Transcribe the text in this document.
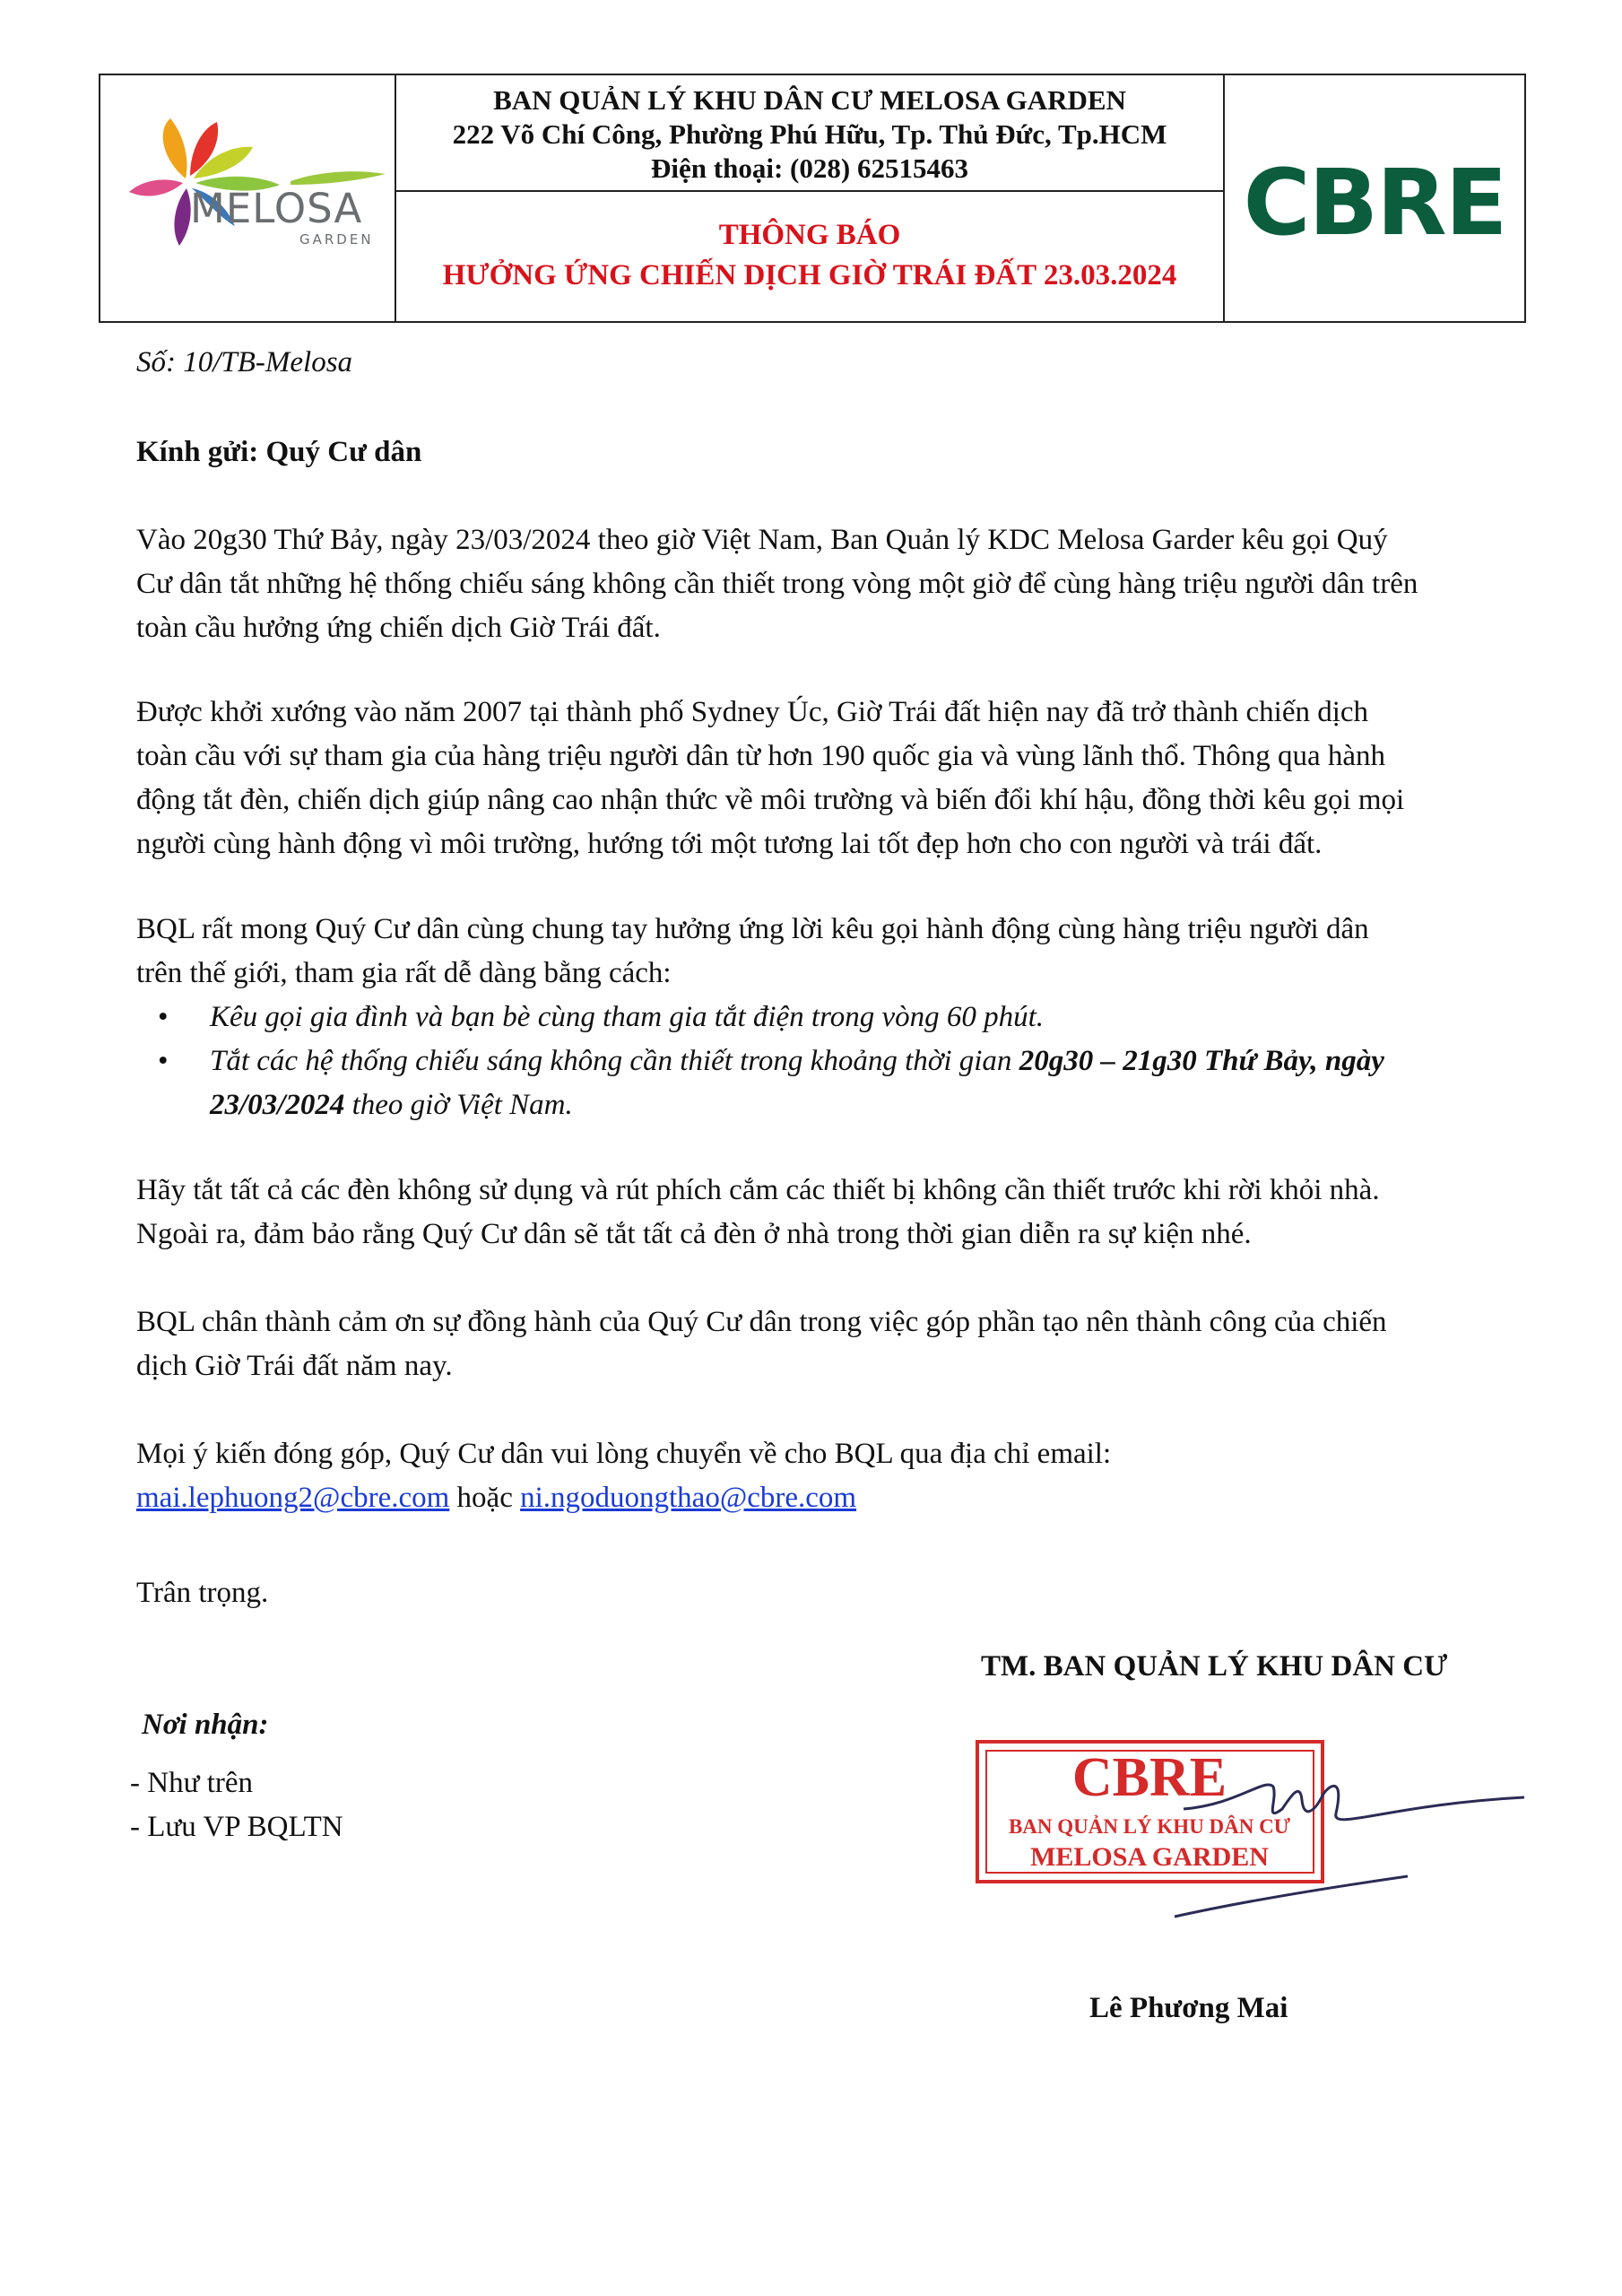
MELOSA
GARDEN
BAN QUẢN LÝ KHU DÂN CƯ MELOSA GARDEN
222 Võ Chí Công, Phường Phú Hữu, Tp. Thủ Đức, Tp.HCM
Điện thoại: (028) 62515463
THÔNG BÁO
HƯỞNG ỨNG CHIẾN DỊCH GIỜ TRÁI ĐẤT 23.03.2024
CBRE
Số: 10/TB-Melosa
Kính gửi: Quý Cư dân

Vào 20g30 Thứ Bảy, ngày 23/03/2024 theo giờ Việt Nam, Ban Quản lý KDC Melosa Garder kêu gọi Quý

Cư dân tắt những hệ thống chiếu sáng không cần thiết trong vòng một giờ để cùng hàng triệu người dân trên

toàn cầu hưởng ứng chiến dịch Giờ Trái đất.

Được khởi xướng vào năm 2007 tại thành phố Sydney Úc, Giờ Trái đất hiện nay đã trở thành chiến dịch

toàn cầu với sự tham gia của hàng triệu người dân từ hơn 190 quốc gia và vùng lãnh thổ. Thông qua hành

động tắt đèn, chiến dịch giúp nâng cao nhận thức về môi trường và biến đổi khí hậu, đồng thời kêu gọi mọi

người cùng hành động vì môi trường, hướng tới một tương lai tốt đẹp hơn cho con người và trái đất.

BQL rất mong Quý Cư dân cùng chung tay hưởng ứng lời kêu gọi hành động cùng hàng triệu người dân

trên thế giới, tham gia rất dễ dàng bằng cách:

• Kêu gọi gia đình và bạn bè cùng tham gia tắt điện trong vòng 60 phút.
• Tắt các hệ thống chiếu sáng không cần thiết trong khoảng thời gian 20g30 – 21g30 Thứ Bảy, ngày
23/03/2024 theo giờ Việt Nam.

Hãy tắt tất cả các đèn không sử dụng và rút phích cắm các thiết bị không cần thiết trước khi rời khỏi nhà.

Ngoài ra, đảm bảo rằng Quý Cư dân sẽ tắt tất cả đèn ở nhà trong thời gian diễn ra sự kiện nhé.

BQL chân thành cảm ơn sự đồng hành của Quý Cư dân trong việc góp phần tạo nên thành công của chiến

dịch Giờ Trái đất năm nay.

Mọi ý kiến đóng góp, Quý Cư dân vui lòng chuyển về cho BQL qua địa chỉ email:

mai.lephuong2@cbre.com hoặc ni.ngoduongthao@cbre.com

Trân trọng.
TM. BAN QUẢN LÝ KHU DÂN CƯ
Nơi nhận:

- Như trên

- Lưu VP BQLTN

CBRE
BAN QUẢN LÝ KHU DÂN CƯ
MELOSA GARDEN
Lê Phương Mai
